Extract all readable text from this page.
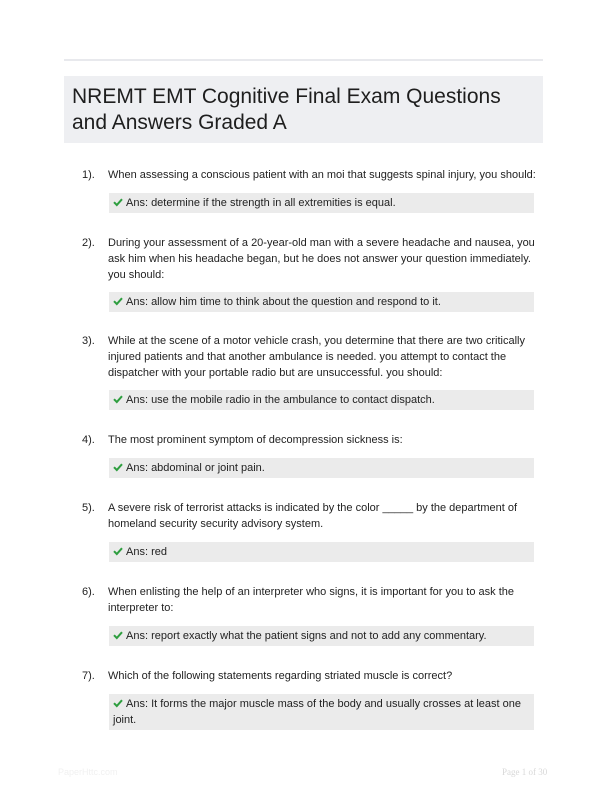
NREMT EMT Cognitive Final Exam Questions and Answers Graded A
1). When assessing a conscious patient with an moi that suggests spinal injury, you should:
Ans: determine if the strength in all extremities is equal.
2). During your assessment of a 20-year-old man with a severe headache and nausea, you ask him when his headache began, but he does not answer your question immediately. you should:
Ans: allow him time to think about the question and respond to it.
3). While at the scene of a motor vehicle crash, you determine that there are two critically injured patients and that another ambulance is needed. you attempt to contact the dispatcher with your portable radio but are unsuccessful. you should:
Ans: use the mobile radio in the ambulance to contact dispatch.
4). The most prominent symptom of decompression sickness is:
Ans: abdominal or joint pain.
5). A severe risk of terrorist attacks is indicated by the color _____ by the department of homeland security security advisory system.
Ans: red
6). When enlisting the help of an interpreter who signs, it is important for you to ask the interpreter to:
Ans: report exactly what the patient signs and not to add any commentary.
7). Which of the following statements regarding striated muscle is correct?
Ans: It forms the major muscle mass of the body and usually crosses at least one joint.
PaperHttc.com	Page 1 of 30
